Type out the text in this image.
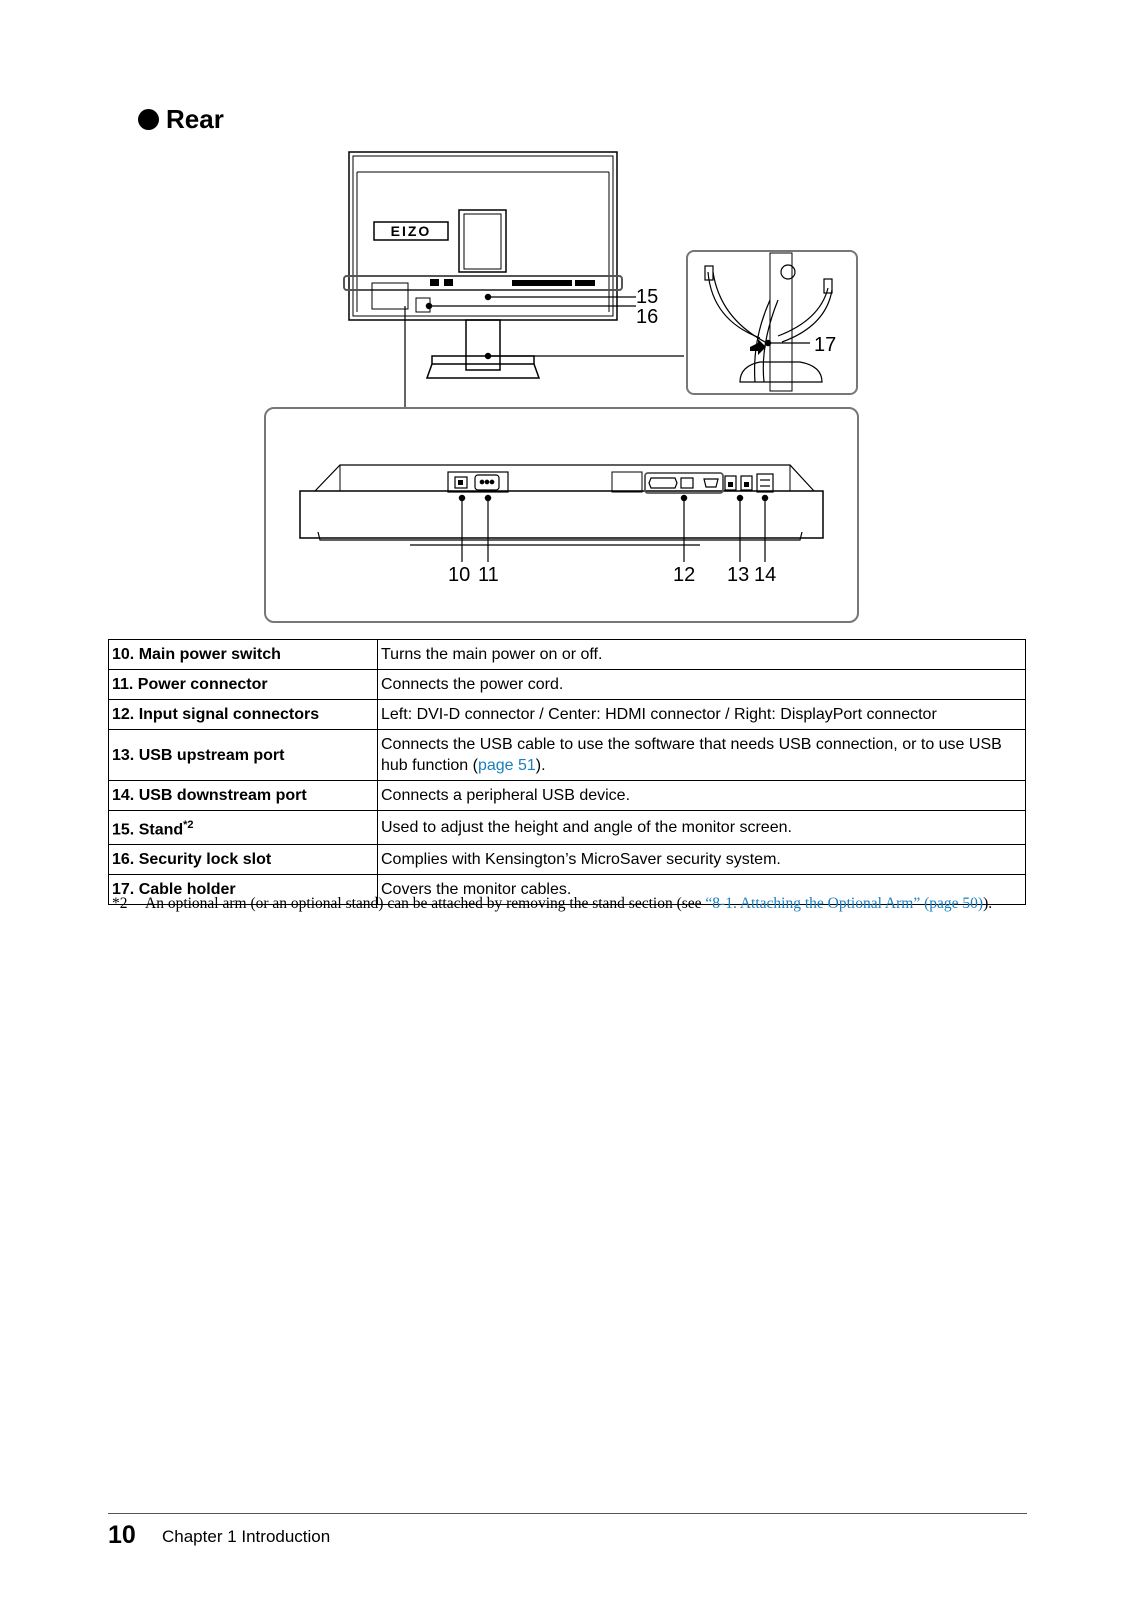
Rear
EIZO
15
16
17
10 11	12 13 14
10. Main power switch	Turns the main power on or off.
11. Power connector	Connects the power cord.
12. Input signal connectors	Left: DVI-D connector / Center: HDMI connector / Right: DisplayPort connector
13. USB upstream port	Connects the USB cable to use the software that needs USB connection, or to use USB hub function (page 51).
14. USB downstream port	Connects a peripheral USB device.
15. Stand$^{*2}$	Used to adjust the height and angle of the monitor screen.
16. Security lock slot	Complies with Kensington’s MicroSaver security system.
17. Cable holder	Covers the monitor cables.
*2	An optional arm (or an optional stand) can be attached by removing the stand section (see “8-1. Attaching the Optional Arm” (page 50)).
10 Chapter 1 Introduction
